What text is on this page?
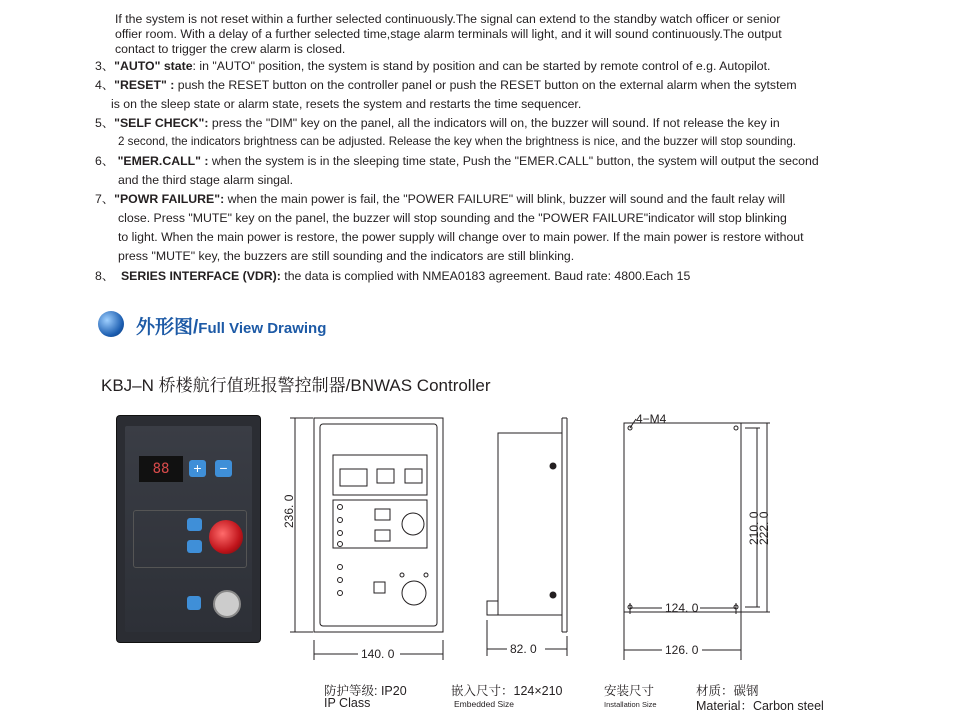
If the system is not reset within a further selected continuously.The signal can extend to the standby watch officer or senior
offier room. With a delay of a further selected time,stage alarm terminals will light, and it will sound continuously.The output
contact to trigger the crew alarm is closed.
3、"AUTO" state: in "AUTO" position, the system is stand by position and can be started by remote control of e.g. Autopilot.
4、"RESET" : push the RESET button on the controller panel or push the RESET button on the external alarm when the sytstem
is on the sleep state or alarm state, resets the system and restarts the time sequencer.
5、"SELF CHECK": press the "DIM" key on the panel, all the indicators will on, the buzzer will sound. If not release the key in
2 second, the indicators brightness can be adjusted. Release the key when the brightness is nice, and the buzzer will stop sounding.
6、 "EMER.CALL" : when the system is in the sleeping time state, Push the "EMER.CALL" button, the system will output the second
and the third stage alarm singal.
7、"POWR FAILURE": when the main power is fail, the "POWER FAILURE" will blink, buzzer will sound and the fault relay will
close. Press "MUTE" key on the panel, the buzzer will stop sounding and the "POWER FAILURE"indicator will stop blinking
to light. When the main power is restore, the power supply will change over to main power. If the main power is restore without
press "MUTE" key, the buzzers are still sounding and the indicators are still blinking.
8、 SERIES INTERFACE (VDR): the data is complied with NMEA0183 agreement. Baud rate: 4800.Each 15
外形图/Full View Drawing
KBJ–N 桥楼航行值班报警控制器/BNWAS Controller
88	+	−
236. 0
140. 0	82. 0
4−M4
210. 0
222. 0
124. 0
126. 0
防护等级: IP20
IP Class
嵌入尺寸：124×210
Embedded Size
安装尺寸
Installation Size
材质：碳钢
Material：Carbon steel
